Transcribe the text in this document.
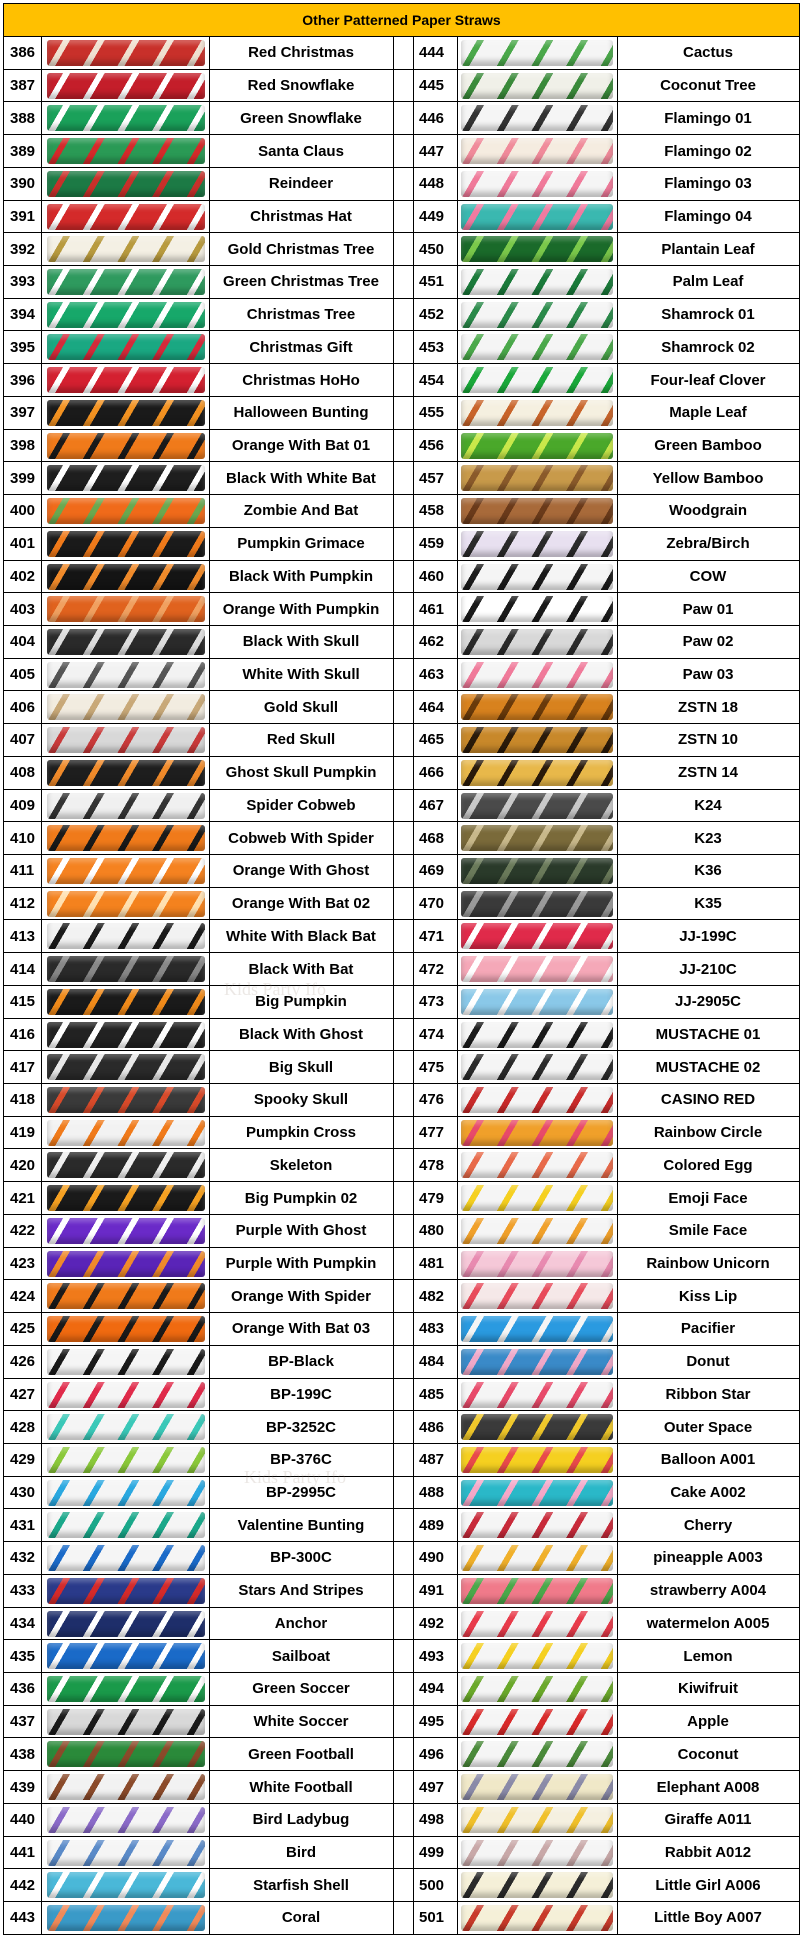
Other Patterned Paper Straws
386	Red Christmas	444	Cactus
387	Red Snowflake	445	Coconut Tree
388	Green Snowflake	446	Flamingo 01
389	Santa Claus	447	Flamingo 02
390	Reindeer	448	Flamingo 03
391	Christmas Hat	449	Flamingo 04
392	Gold Christmas Tree	450	Plantain Leaf
393	Green Christmas Tree	451	Palm Leaf
394	Christmas Tree	452	Shamrock 01
395	Christmas Gift	453	Shamrock 02
396	Christmas HoHo	454	Four-leaf Clover
397	Halloween Bunting	455	Maple Leaf
398	Orange With Bat 01	456	Green Bamboo
399	Black With White Bat	457	Yellow Bamboo
400	Zombie And Bat	458	Woodgrain
401	Pumpkin Grimace	459	Zebra/Birch
402	Black With Pumpkin	460	COW
403	Orange With Pumpkin	461	Paw 01
404	Black With Skull	462	Paw 02
405	White With Skull	463	Paw 03
406	Gold Skull	464	ZSTN 18
407	Red Skull	465	ZSTN 10
408	Ghost Skull Pumpkin	466	ZSTN 14
409	Spider Cobweb	467	K24
410	Cobweb With Spider	468	K23
411	Orange With Ghost	469	K36
412	Orange With Bat 02	470	K35
413	White With Black Bat	471	JJ-199C
414	Black With Bat	472	JJ-210C
415	Big Pumpkin	473	JJ-2905C
416	Black With Ghost	474	MUSTACHE 01
417	Big Skull	475	MUSTACHE 02
418	Spooky Skull	476	CASINO RED
419	Pumpkin Cross	477	Rainbow Circle
420	Skeleton	478	Colored Egg
421	Big Pumpkin 02	479	Emoji Face
422	Purple With Ghost	480	Smile Face
423	Purple With Pumpkin	481	Rainbow Unicorn
424	Orange With Spider	482	Kiss Lip
425	Orange With Bat 03	483	Pacifier
426	BP-Black	484	Donut
427	BP-199C	485	Ribbon Star
428	BP-3252C	486	Outer Space
429	BP-376C	487	Balloon A001
430	BP-2995C	488	Cake A002
431	Valentine Bunting	489	Cherry
432	BP-300C	490	pineapple A003
433	Stars And Stripes	491	strawberry A004
434	Anchor	492	watermelon A005
435	Sailboat	493	Lemon
436	Green Soccer	494	Kiwifruit
437	White Soccer	495	Apple
438	Green Football	496	Coconut
439	White Football	497	Elephant A008
440	Bird Ladybug	498	Giraffe A011
441	Bird	499	Rabbit A012
442	Starfish Shell	500	Little Girl A006
443	Coral	501	Little Boy A007
Kids Party Ifo
Kids Party Ifo
